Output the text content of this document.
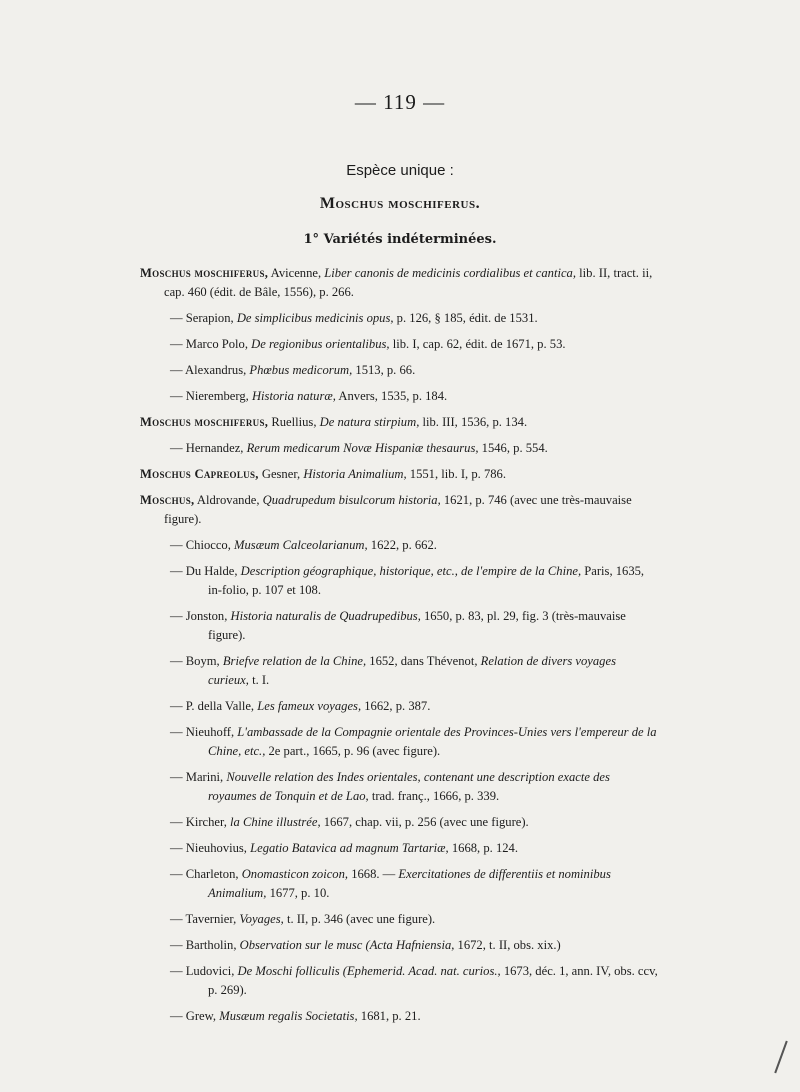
— 119 —
Espèce unique :
Moschus moschiferus.
1° Variétés indéterminées.
Moschus moschiferus, Avicenne, Liber canonis de medicinis cordialibus et cantica, lib. II, tract. ii, cap. 460 (édit. de Bâle, 1556), p. 266.
— Serapion, De simplicibus medicinis opus, p. 126, § 185, édit. de 1531.
— Marco Polo, De regionibus orientalibus, lib. I, cap. 62, édit. de 1671, p. 53.
— Alexandrus, Phœbus medicorum, 1513, p. 66.
— Nieremberg, Historia naturæ, Anvers, 1535, p. 184.
Moschus moschiferus, Ruellius, De natura stirpium, lib. III, 1536, p. 134.
— Hernandez, Rerum medicarum Novæ Hispaniæ thesaurus, 1546, p. 554.
Moschus Capreolus, Gesner, Historia Animalium, 1551, lib. I, p. 786.
Moschus, Aldrovande, Quadrupedum bisulcorum historia, 1621, p. 746 (avec une très-mauvaise figure).
— Chiocco, Musæum Calceolarianum, 1622, p. 662.
— Du Halde, Description géographique, historique, etc., de l'empire de la Chine, Paris, 1635, in-folio, p. 107 et 108.
— Jonston, Historia naturalis de Quadrupedibus, 1650, p. 83, pl. 29, fig. 3 (très-mauvaise figure).
— Boym, Briefve relation de la Chine, 1652, dans Thévenot, Relation de divers voyages curieux, t. I.
— P. della Valle, Les fameux voyages, 1662, p. 387.
— Nieuhoff, L'ambassade de la Compagnie orientale des Provinces-Unies vers l'empereur de la Chine, etc., 2e part., 1665, p. 96 (avec figure).
— Marini, Nouvelle relation des Indes orientales, contenant une description exacte des royaumes de Tonquin et de Lao, trad. franç., 1666, p. 339.
— Kircher, la Chine illustrée, 1667, chap. vii, p. 256 (avec une figure).
— Nieuhovius, Legatio Batavica ad magnum Tartariæ, 1668, p. 124.
— Charleton, Onomasticon zoicon, 1668. — Exercitationes de differentiis et nominibus Animalium, 1677, p. 10.
— Tavernier, Voyages, t. II, p. 346 (avec une figure).
— Bartholin, Observation sur le musc (Acta Hafniensia, 1672, t. II, obs. xix.)
— Ludovici, De Moschi folliculis (Ephemerid. Acad. nat. curios., 1673, déc. 1, ann. IV, obs. ccv, p. 269).
— Grew, Musæum regalis Societatis, 1681, p. 21.
